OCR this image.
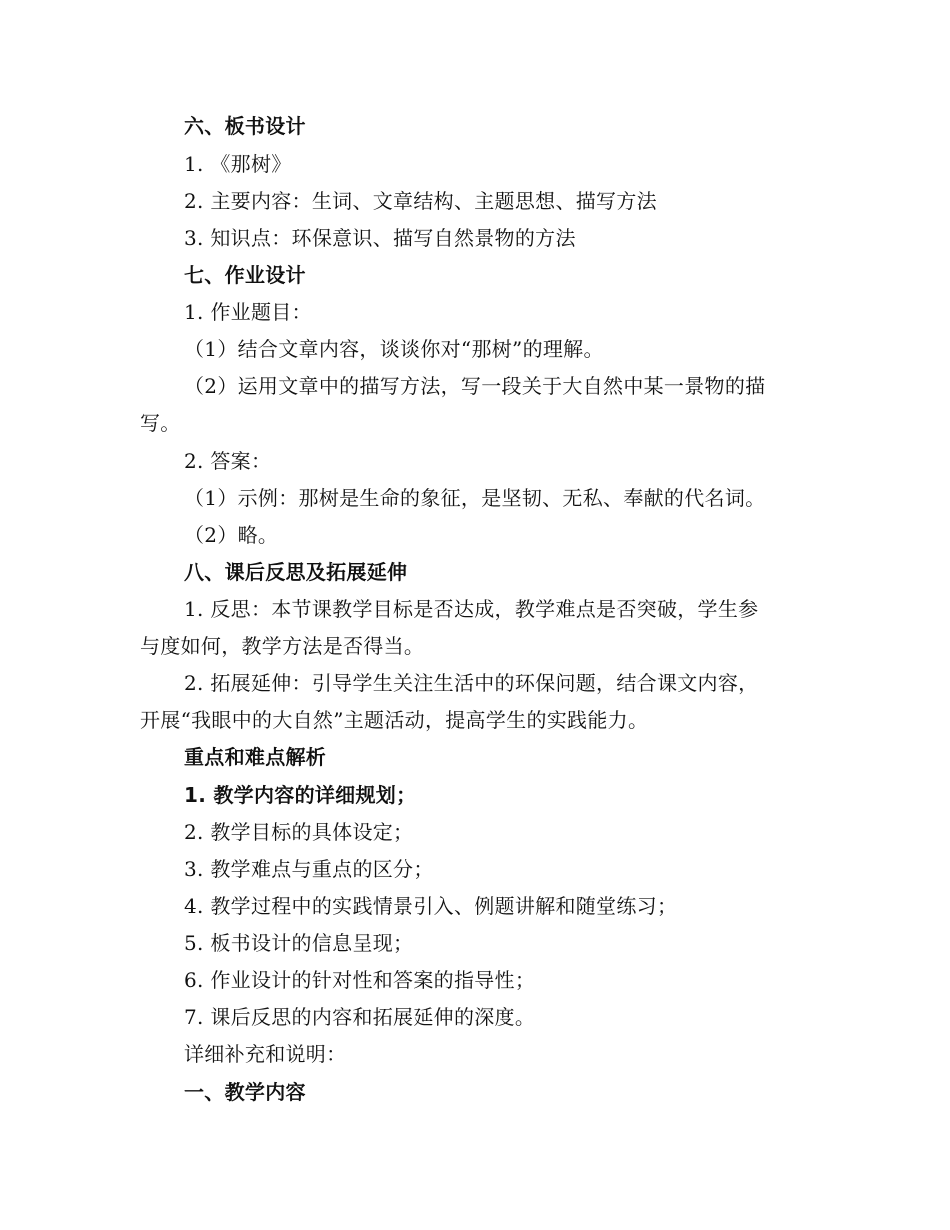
六、板书设计
1. 《那树》
2. 主要内容：生词、文章结构、主题思想、描写方法
3. 知识点：环保意识、描写自然景物的方法
七、作业设计
1. 作业题目：
（1）结合文章内容，谈谈你对“那树”的理解。
（2）运用文章中的描写方法，写一段关于大自然中某一景物的描
写。
2. 答案：
（1）示例：那树是生命的象征，是坚韧、无私、奉献的代名词。
（2）略。
八、课后反思及拓展延伸
1. 反思：本节课教学目标是否达成，教学难点是否突破，学生参
与度如何，教学方法是否得当。
2. 拓展延伸：引导学生关注生活中的环保问题，结合课文内容，
开展“我眼中的大自然”主题活动，提高学生的实践能力。
重点和难点解析
1. 教学内容的详细规划；
2. 教学目标的具体设定；
3. 教学难点与重点的区分；
4. 教学过程中的实践情景引入、例题讲解和随堂练习；
5. 板书设计的信息呈现；
6. 作业设计的针对性和答案的指导性；
7. 课后反思的内容和拓展延伸的深度。
详细补充和说明：
一、教学内容
